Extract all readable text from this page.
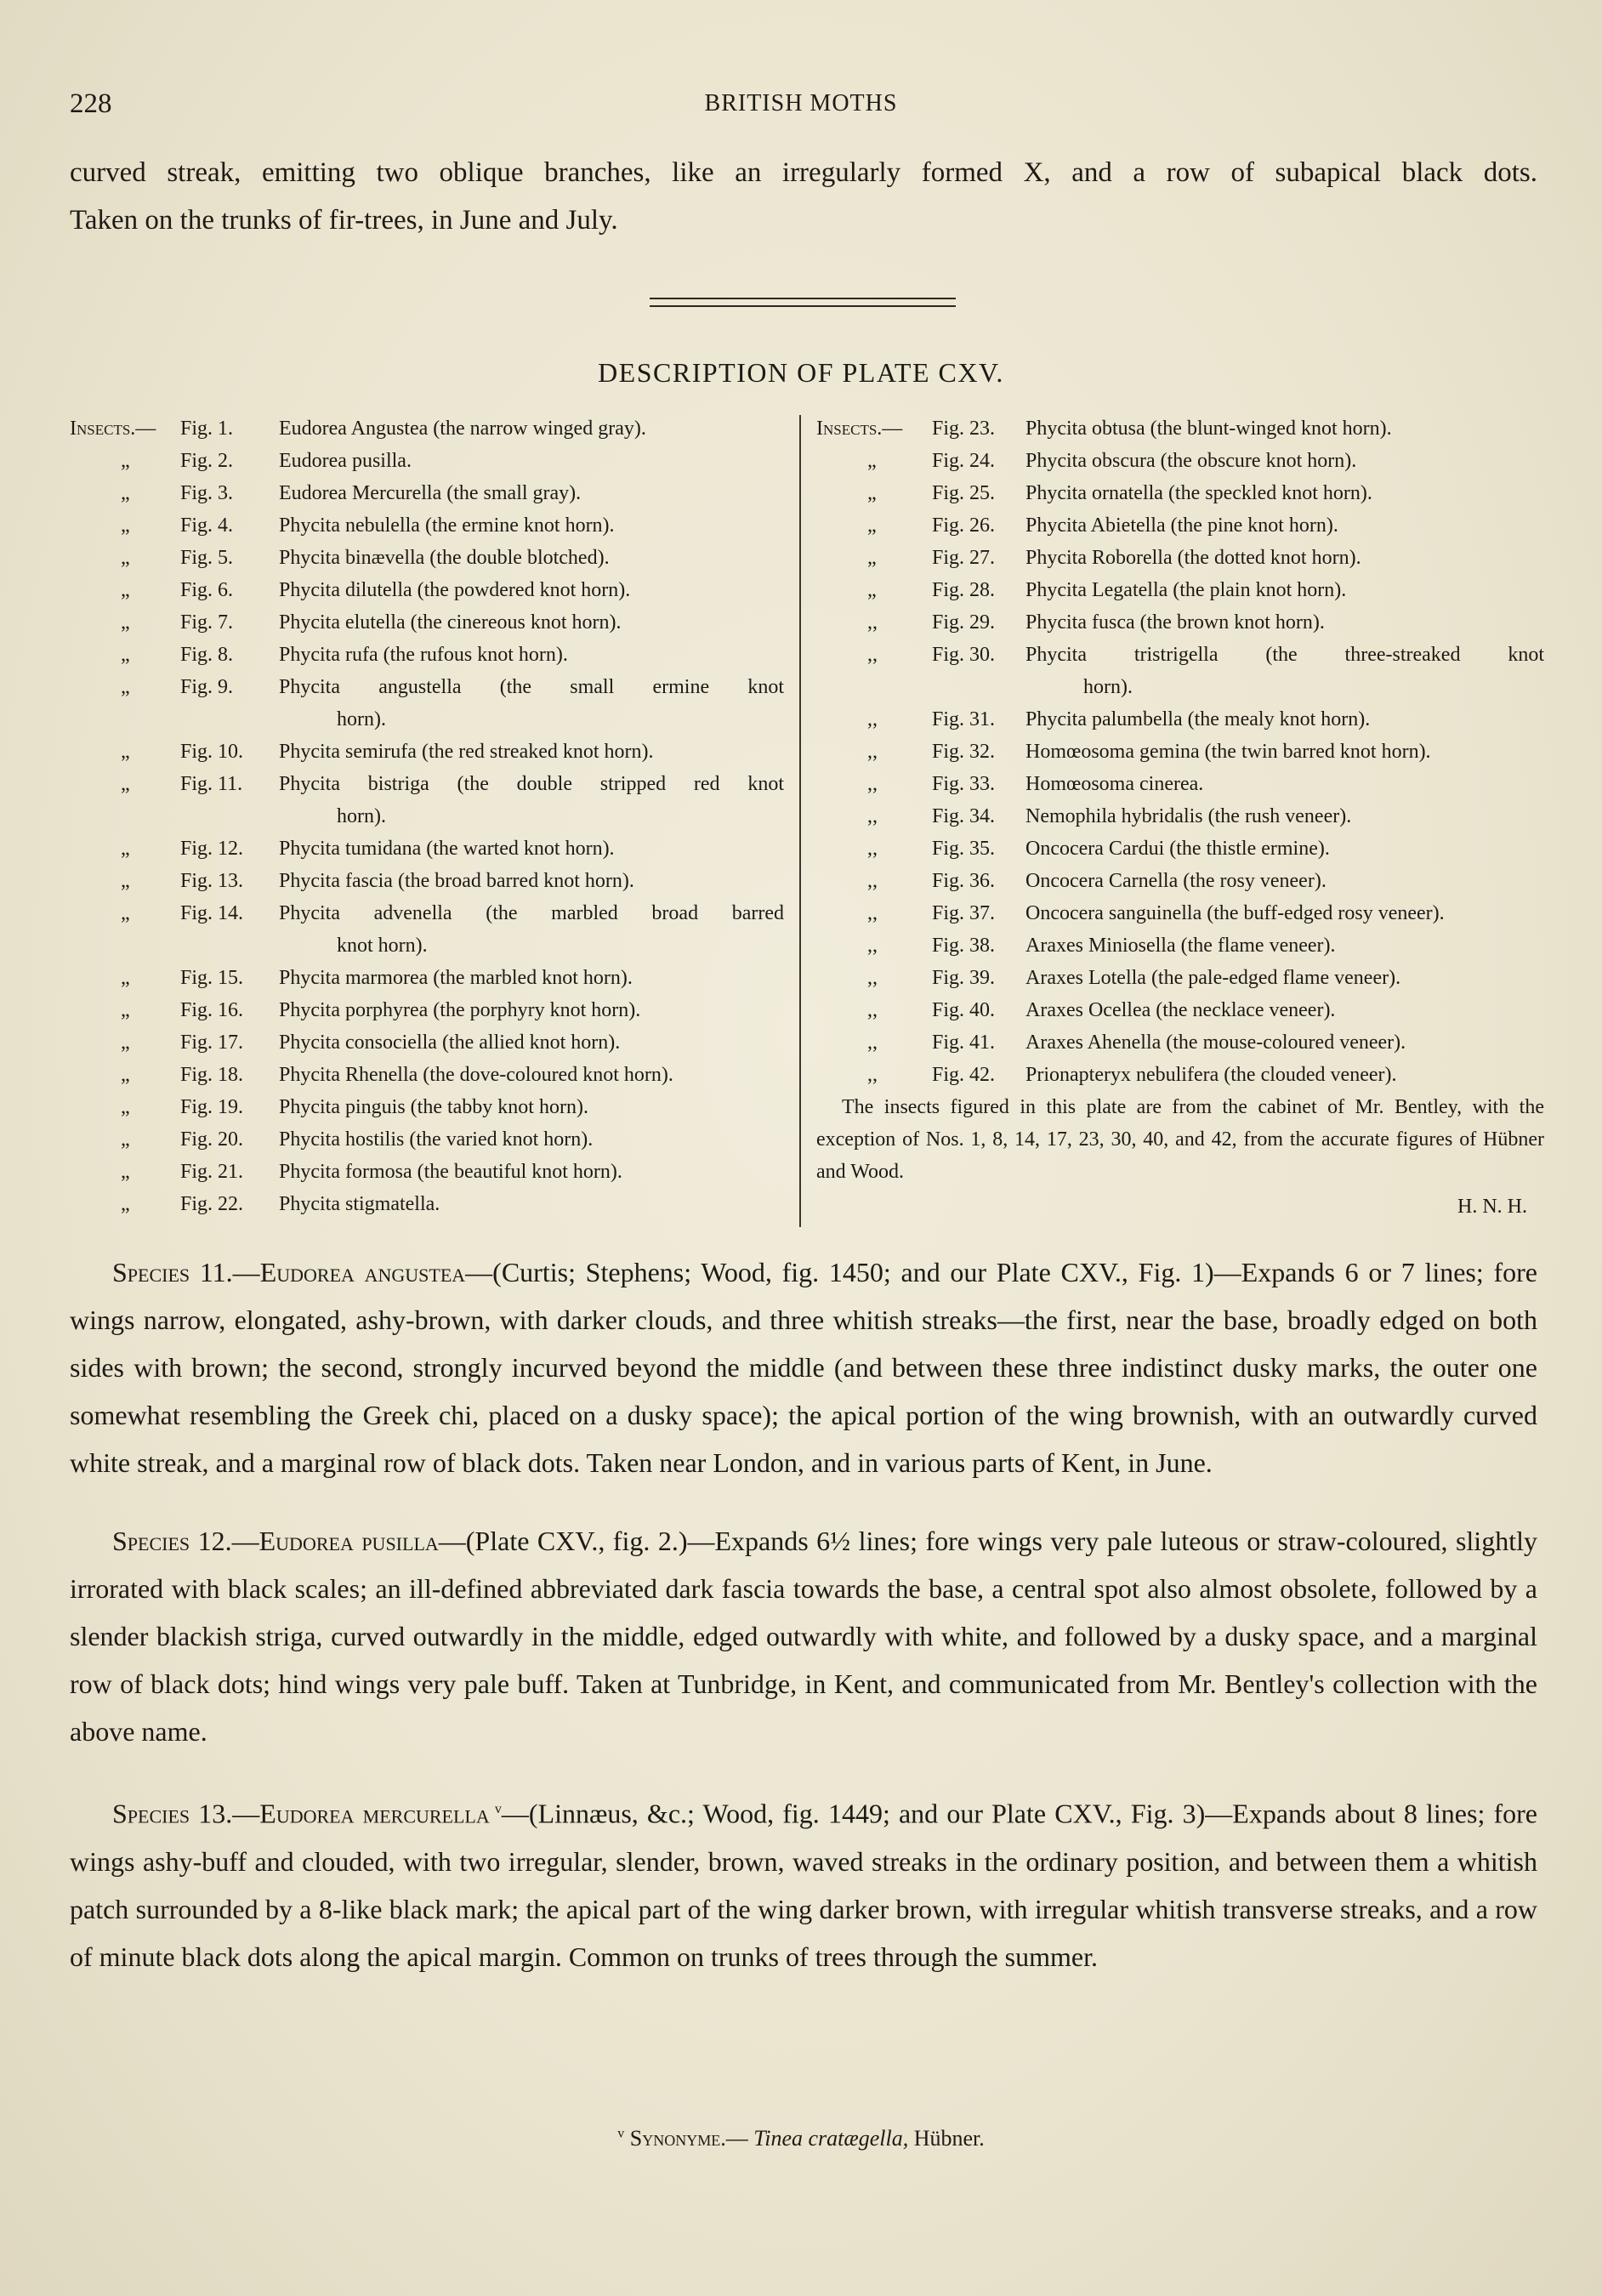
228	BRITISH MOTHS
curved streak, emitting two oblique branches, like an irregularly formed X, and a row of subapical black dots.
Taken on the trunks of fir-trees, in June and July.
DESCRIPTION OF PLATE CXV.
Insects.—	Fig. 1.	Eudorea Angustea (the narrow winged gray).
„	Fig. 2.	Eudorea pusilla.
„	Fig. 3.	Eudorea Mercurella (the small gray).
„	Fig. 4.	Phycita nebulella (the ermine knot horn).
„	Fig. 5.	Phycita binævella (the double blotched).
„	Fig. 6.	Phycita dilutella (the powdered knot horn).
„	Fig. 7.	Phycita elutella (the cinereous knot horn).
„	Fig. 8.	Phycita rufa (the rufous knot horn).
„	Fig. 9.	Phycita angustella (the small ermine knot
horn).
„	Fig. 10.	Phycita semirufa (the red streaked knot horn).
„	Fig. 11.	Phycita bistriga (the double stripped red knot
horn).
„	Fig. 12.	Phycita tumidana (the warted knot horn).
„	Fig. 13.	Phycita fascia (the broad barred knot horn).
„	Fig. 14.	Phycita advenella (the marbled broad barred
knot horn).
„	Fig. 15.	Phycita marmorea (the marbled knot horn).
„	Fig. 16.	Phycita porphyrea (the porphyry knot horn).
„	Fig. 17.	Phycita consociella (the allied knot horn).
„	Fig. 18.	Phycita Rhenella (the dove-coloured knot horn).
„	Fig. 19.	Phycita pinguis (the tabby knot horn).
„	Fig. 20.	Phycita hostilis (the varied knot horn).
„	Fig. 21.	Phycita formosa (the beautiful knot horn).
„	Fig. 22.	Phycita stigmatella.
Insects.—	Fig. 23.	Phycita obtusa (the blunt-winged knot horn).
„	Fig. 24.	Phycita obscura (the obscure knot horn).
„	Fig. 25.	Phycita ornatella (the speckled knot horn).
„	Fig. 26.	Phycita Abietella (the pine knot horn).
„	Fig. 27.	Phycita Roborella (the dotted knot horn).
„	Fig. 28.	Phycita Legatella (the plain knot horn).
,,	Fig. 29.	Phycita fusca (the brown knot horn).
,,	Fig. 30.	Phycita tristrigella (the three-streaked knot
horn).
,,	Fig. 31.	Phycita palumbella (the mealy knot horn).
,,	Fig. 32.	Homœosoma gemina (the twin barred knot horn).
,,	Fig. 33.	Homœosoma cinerea.
,,	Fig. 34.	Nemophila hybridalis (the rush veneer).
,,	Fig. 35.	Oncocera Cardui (the thistle ermine).
,,	Fig. 36.	Oncocera Carnella (the rosy veneer).
,,	Fig. 37.	Oncocera sanguinella (the buff-edged rosy veneer).
,,	Fig. 38.	Araxes Miniosella (the flame veneer).
,,	Fig. 39.	Araxes Lotella (the pale-edged flame veneer).
,,	Fig. 40.	Araxes Ocellea (the necklace veneer).
,,	Fig. 41.	Araxes Ahenella (the mouse-coloured veneer).
,,	Fig. 42.	Prionapteryx nebulifera (the clouded veneer).
The insects figured in this plate are from the cabinet of Mr. Bentley, with the exception of Nos. 1, 8, 14, 17, 23, 30, 40, and 42, from the accurate figures of Hübner and Wood.
H. N. H.

Species 11.—Eudorea angustea—(Curtis; Stephens; Wood, fig. 1450; and our Plate CXV., Fig. 1)—Expands 6 or 7 lines; fore wings narrow, elongated, ashy-brown, with darker clouds, and three whitish streaks—the first, near the base, broadly edged on both sides with brown; the second, strongly incurved beyond the middle (and between these three indistinct dusky marks, the outer one somewhat resembling the Greek chi, placed on a dusky space); the apical portion of the wing brownish, with an outwardly curved white streak, and a marginal row of black dots. Taken near London, and in various parts of Kent, in June.

Species 12.—Eudorea pusilla—(Plate CXV., fig. 2.)—Expands 6½ lines; fore wings very pale luteous or straw-coloured, slightly irrorated with black scales; an ill-defined abbreviated dark fascia towards the base, a central spot also almost obsolete, followed by a slender blackish striga, curved outwardly in the middle, edged outwardly with white, and followed by a dusky space, and a marginal row of black dots; hind wings very pale buff. Taken at Tunbridge, in Kent, and communicated from Mr. Bentley's collection with the above name.

Species 13.—Eudorea mercurella $^v$—(Linnæus, &c.; Wood, fig. 1449; and our Plate CXV., Fig. 3)—Expands about 8 lines; fore wings ashy-buff and clouded, with two irregular, slender, brown, waved streaks in the ordinary position, and between them a whitish patch surrounded by a 8-like black mark; the apical part of the wing darker brown, with irregular whitish transverse streaks, and a row of minute black dots along the apical margin. Common on trunks of trees through the summer.

$^v$ Synonyme.— Tinea cratægella, Hübner.
